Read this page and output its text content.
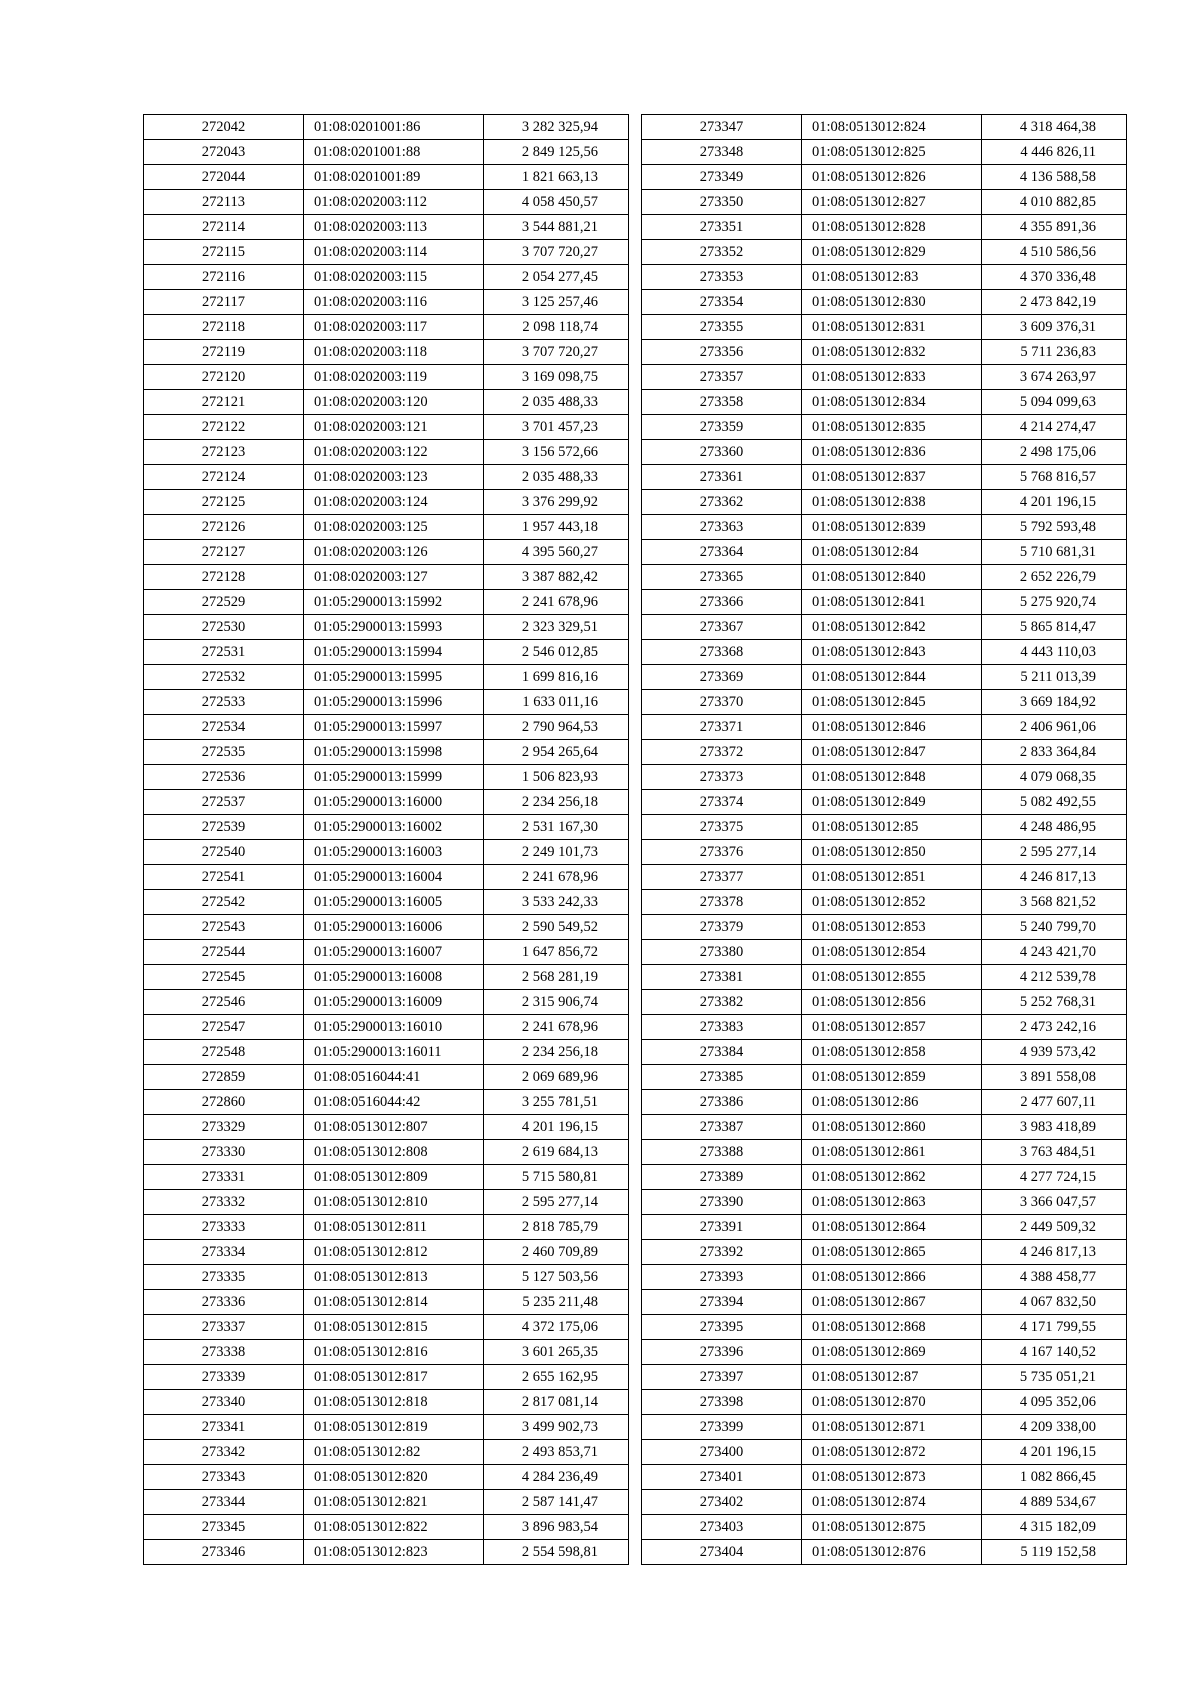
272042	01:08:0201001:86	3 282 325,94
272043	01:08:0201001:88	2 849 125,56
272044	01:08:0201001:89	1 821 663,13
272113	01:08:0202003:112	4 058 450,57
272114	01:08:0202003:113	3 544 881,21
272115	01:08:0202003:114	3 707 720,27
272116	01:08:0202003:115	2 054 277,45
272117	01:08:0202003:116	3 125 257,46
272118	01:08:0202003:117	2 098 118,74
272119	01:08:0202003:118	3 707 720,27
272120	01:08:0202003:119	3 169 098,75
272121	01:08:0202003:120	2 035 488,33
272122	01:08:0202003:121	3 701 457,23
272123	01:08:0202003:122	3 156 572,66
272124	01:08:0202003:123	2 035 488,33
272125	01:08:0202003:124	3 376 299,92
272126	01:08:0202003:125	1 957 443,18
272127	01:08:0202003:126	4 395 560,27
272128	01:08:0202003:127	3 387 882,42
272529	01:05:2900013:15992	2 241 678,96
272530	01:05:2900013:15993	2 323 329,51
272531	01:05:2900013:15994	2 546 012,85
272532	01:05:2900013:15995	1 699 816,16
272533	01:05:2900013:15996	1 633 011,16
272534	01:05:2900013:15997	2 790 964,53
272535	01:05:2900013:15998	2 954 265,64
272536	01:05:2900013:15999	1 506 823,93
272537	01:05:2900013:16000	2 234 256,18
272539	01:05:2900013:16002	2 531 167,30
272540	01:05:2900013:16003	2 249 101,73
272541	01:05:2900013:16004	2 241 678,96
272542	01:05:2900013:16005	3 533 242,33
272543	01:05:2900013:16006	2 590 549,52
272544	01:05:2900013:16007	1 647 856,72
272545	01:05:2900013:16008	2 568 281,19
272546	01:05:2900013:16009	2 315 906,74
272547	01:05:2900013:16010	2 241 678,96
272548	01:05:2900013:16011	2 234 256,18
272859	01:08:0516044:41	2 069 689,96
272860	01:08:0516044:42	3 255 781,51
273329	01:08:0513012:807	4 201 196,15
273330	01:08:0513012:808	2 619 684,13
273331	01:08:0513012:809	5 715 580,81
273332	01:08:0513012:810	2 595 277,14
273333	01:08:0513012:811	2 818 785,79
273334	01:08:0513012:812	2 460 709,89
273335	01:08:0513012:813	5 127 503,56
273336	01:08:0513012:814	5 235 211,48
273337	01:08:0513012:815	4 372 175,06
273338	01:08:0513012:816	3 601 265,35
273339	01:08:0513012:817	2 655 162,95
273340	01:08:0513012:818	2 817 081,14
273341	01:08:0513012:819	3 499 902,73
273342	01:08:0513012:82	2 493 853,71
273343	01:08:0513012:820	4 284 236,49
273344	01:08:0513012:821	2 587 141,47
273345	01:08:0513012:822	3 896 983,54
273346	01:08:0513012:823	2 554 598,81
273347	01:08:0513012:824	4 318 464,38
273348	01:08:0513012:825	4 446 826,11
273349	01:08:0513012:826	4 136 588,58
273350	01:08:0513012:827	4 010 882,85
273351	01:08:0513012:828	4 355 891,36
273352	01:08:0513012:829	4 510 586,56
273353	01:08:0513012:83	4 370 336,48
273354	01:08:0513012:830	2 473 842,19
273355	01:08:0513012:831	3 609 376,31
273356	01:08:0513012:832	5 711 236,83
273357	01:08:0513012:833	3 674 263,97
273358	01:08:0513012:834	5 094 099,63
273359	01:08:0513012:835	4 214 274,47
273360	01:08:0513012:836	2 498 175,06
273361	01:08:0513012:837	5 768 816,57
273362	01:08:0513012:838	4 201 196,15
273363	01:08:0513012:839	5 792 593,48
273364	01:08:0513012:84	5 710 681,31
273365	01:08:0513012:840	2 652 226,79
273366	01:08:0513012:841	5 275 920,74
273367	01:08:0513012:842	5 865 814,47
273368	01:08:0513012:843	4 443 110,03
273369	01:08:0513012:844	5 211 013,39
273370	01:08:0513012:845	3 669 184,92
273371	01:08:0513012:846	2 406 961,06
273372	01:08:0513012:847	2 833 364,84
273373	01:08:0513012:848	4 079 068,35
273374	01:08:0513012:849	5 082 492,55
273375	01:08:0513012:85	4 248 486,95
273376	01:08:0513012:850	2 595 277,14
273377	01:08:0513012:851	4 246 817,13
273378	01:08:0513012:852	3 568 821,52
273379	01:08:0513012:853	5 240 799,70
273380	01:08:0513012:854	4 243 421,70
273381	01:08:0513012:855	4 212 539,78
273382	01:08:0513012:856	5 252 768,31
273383	01:08:0513012:857	2 473 242,16
273384	01:08:0513012:858	4 939 573,42
273385	01:08:0513012:859	3 891 558,08
273386	01:08:0513012:86	2 477 607,11
273387	01:08:0513012:860	3 983 418,89
273388	01:08:0513012:861	3 763 484,51
273389	01:08:0513012:862	4 277 724,15
273390	01:08:0513012:863	3 366 047,57
273391	01:08:0513012:864	2 449 509,32
273392	01:08:0513012:865	4 246 817,13
273393	01:08:0513012:866	4 388 458,77
273394	01:08:0513012:867	4 067 832,50
273395	01:08:0513012:868	4 171 799,55
273396	01:08:0513012:869	4 167 140,52
273397	01:08:0513012:87	5 735 051,21
273398	01:08:0513012:870	4 095 352,06
273399	01:08:0513012:871	4 209 338,00
273400	01:08:0513012:872	4 201 196,15
273401	01:08:0513012:873	1 082 866,45
273402	01:08:0513012:874	4 889 534,67
273403	01:08:0513012:875	4 315 182,09
273404	01:08:0513012:876	5 119 152,58
